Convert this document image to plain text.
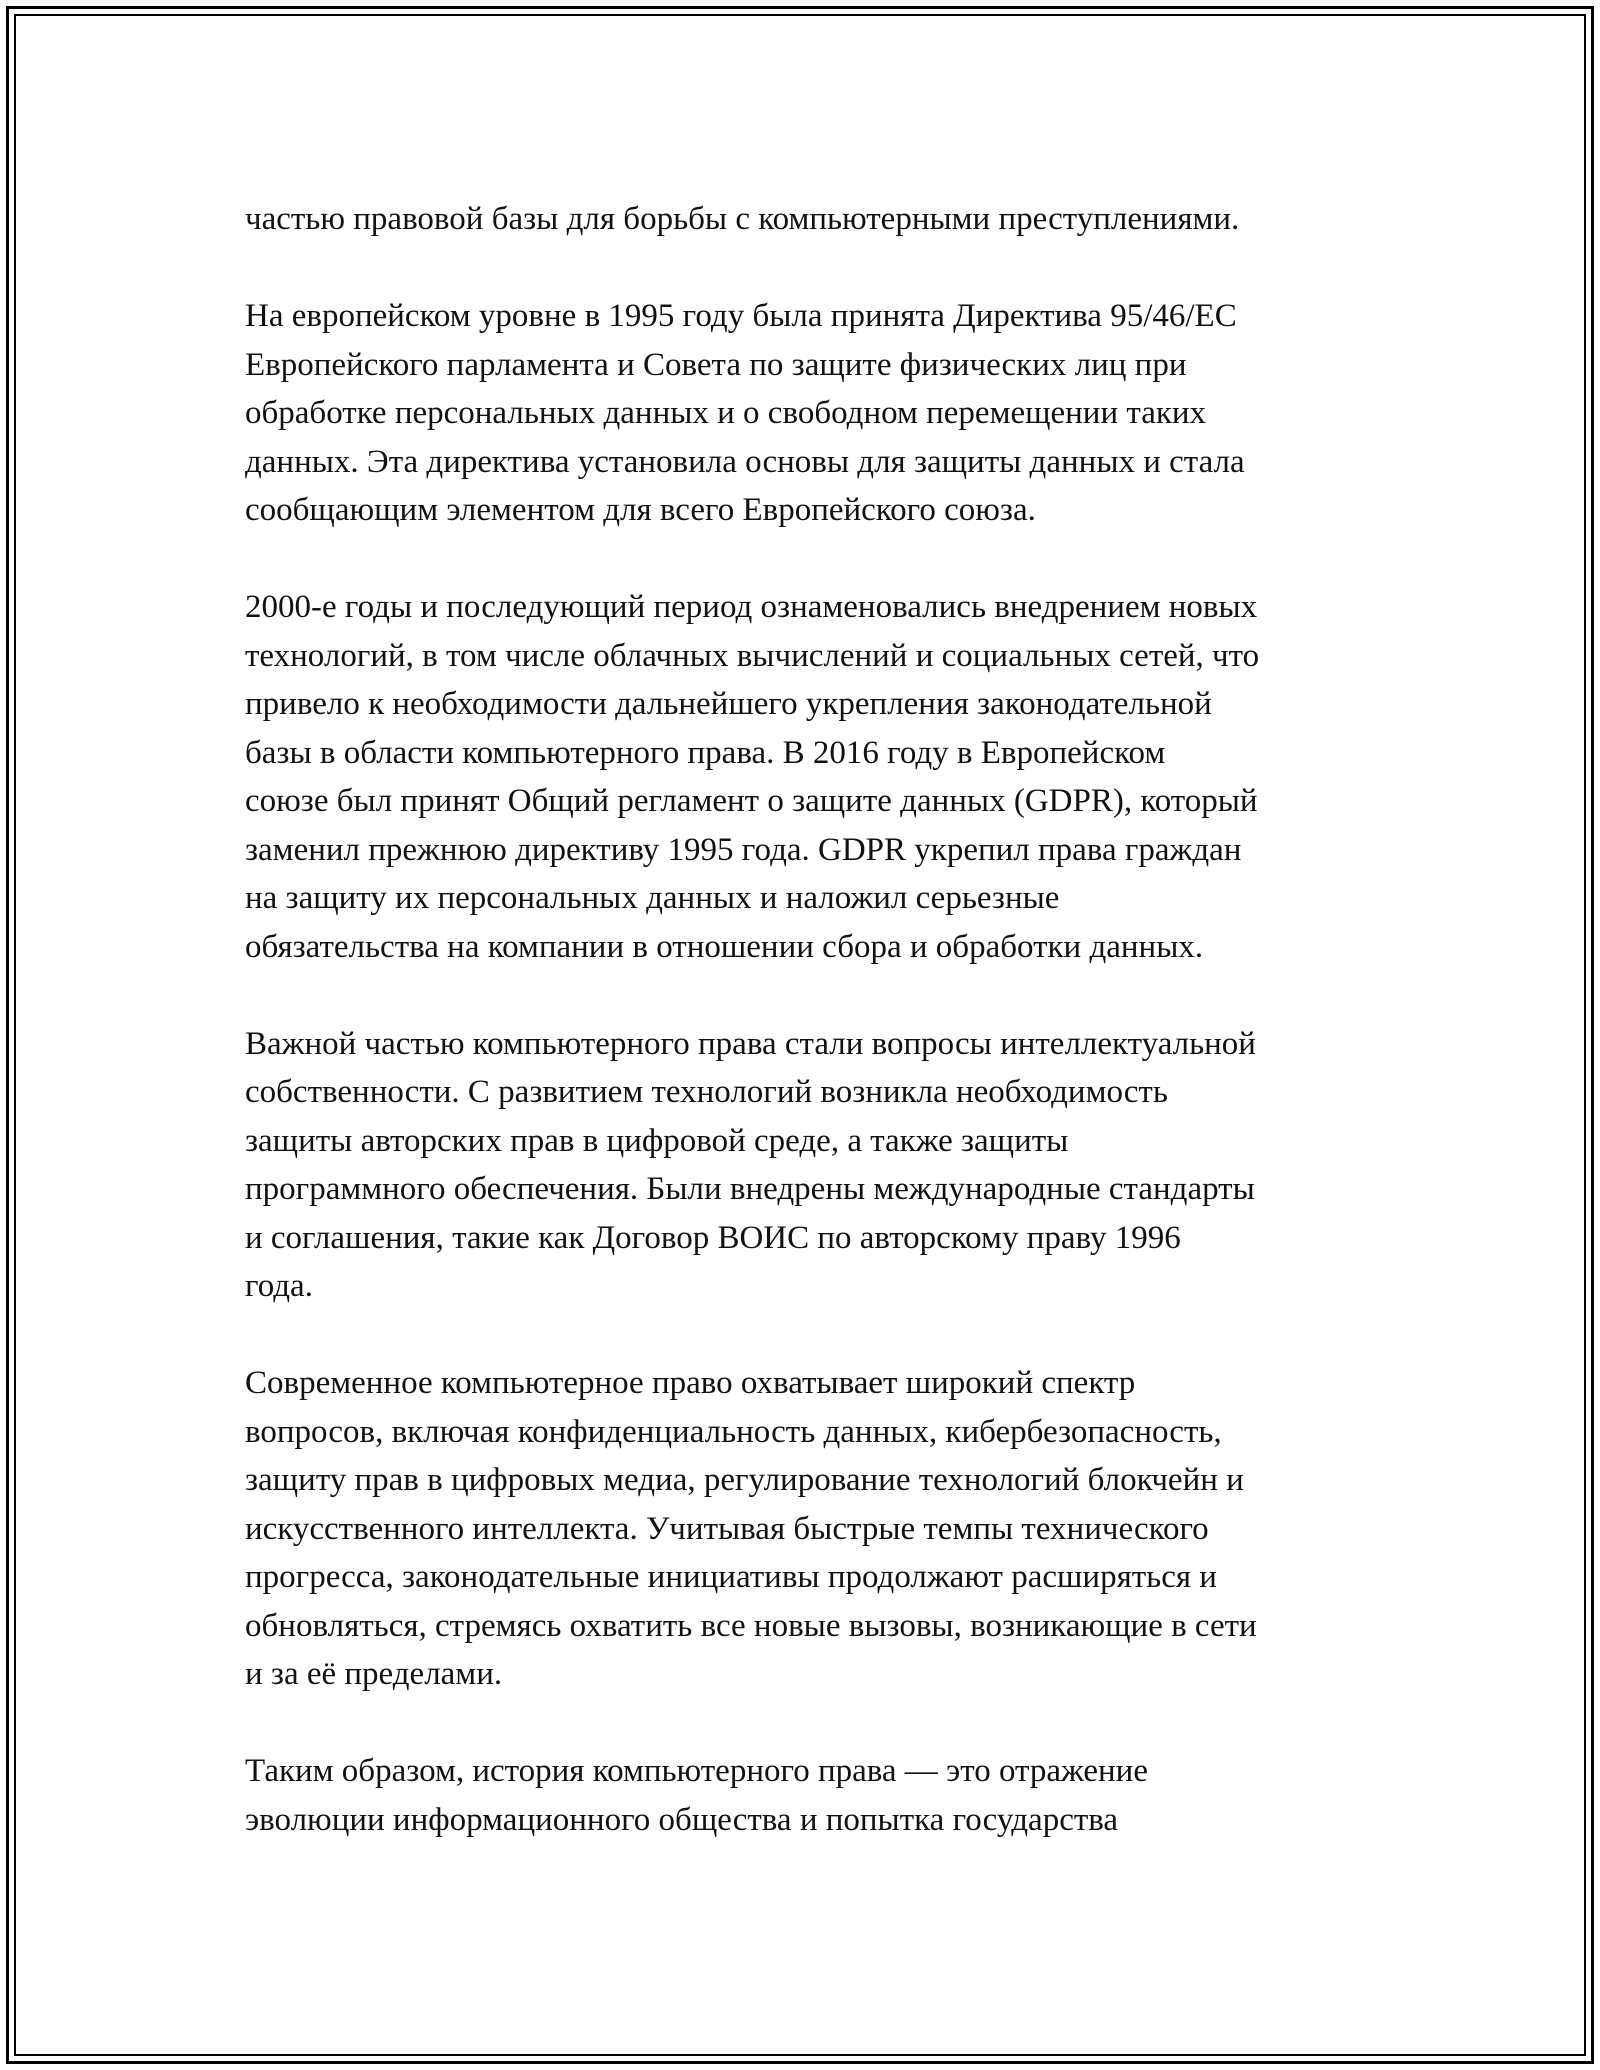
частью правовой базы для борьбы с компьютерными преступлениями.

На европейском уровне в 1995 году была принята Директива 95/46/ЕС
Европейского парламента и Совета по защите физических лиц при
обработке персональных данных и о свободном перемещении таких
данных. Эта директива установила основы для защиты данных и стала
сообщающим элементом для всего Европейского союза.

2000-е годы и последующий период ознаменовались внедрением новых
технологий, в том числе облачных вычислений и социальных сетей, что
привело к необходимости дальнейшего укрепления законодательной
базы в области компьютерного права. В 2016 году в Европейском
союзе был принят Общий регламент о защите данных (GDPR), который
заменил прежнюю директиву 1995 года. GDPR укрепил права граждан
на защиту их персональных данных и наложил серьезные
обязательства на компании в отношении сбора и обработки данных.

Важной частью компьютерного права стали вопросы интеллектуальной
собственности. С развитием технологий возникла необходимость
защиты авторских прав в цифровой среде, а также защиты
программного обеспечения. Были внедрены международные стандарты
и соглашения, такие как Договор ВОИС по авторскому праву 1996
года.

Современное компьютерное право охватывает широкий спектр
вопросов, включая конфиденциальность данных, кибербезопасность,
защиту прав в цифровых медиа, регулирование технологий блокчейн и
искусственного интеллекта. Учитывая быстрые темпы технического
прогресса, законодательные инициативы продолжают расширяться и
обновляться, стремясь охватить все новые вызовы, возникающие в сети
и за её пределами.

Таким образом, история компьютерного права — это отражение
эволюции информационного общества и попытка государства
